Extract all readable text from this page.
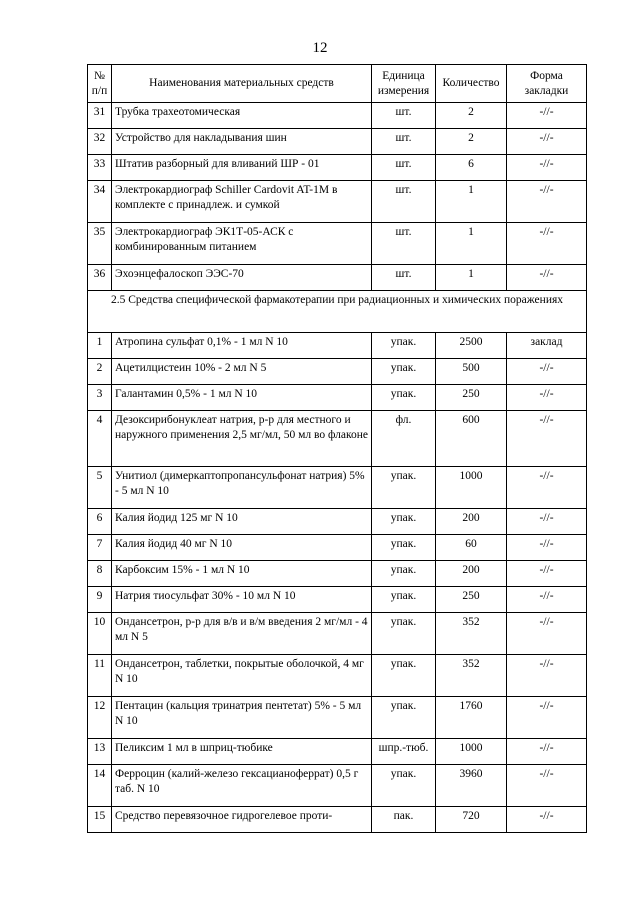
12
№ п/п	Наименования материальных средств	Единица измерения	Количество	Форма закладки
31	Трубка трахеотомическая	шт.	2	-//-
32	Устройство для накладывания шин	шт.	2	-//-
33	Штатив разборный для вливаний ШР - 01	шт.	6	-//-
34	Электрокардиограф Schiller Cardovit AT-1M в комплекте с принадлеж. и сумкой	шт.	1	-//-
35	Электрокардиограф ЭК1Т-05-АСК с комбинированным питанием	шт.	1	-//-
36	Эхоэнцефалоскоп ЭЭС-70	шт.	1	-//-
2.5 Средства специфической фармакотерапии при радиационных и химических поражениях				
1	Атропина сульфат 0,1% - 1 мл N 10	упак.	2500	заклад
2	Ацетилцистеин 10% - 2 мл N 5	упак.	500	-//-
3	Галантамин 0,5% - 1 мл N 10	упак.	250	-//-
4	Дезоксирибонуклеат натрия, р-р для местного и наружного применения 2,5 мг/мл, 50 мл во флаконе	фл.	600	-//-
5	Унитиол (димеркаптопропансульфонат натрия) 5% - 5 мл N 10	упак.	1000	-//-
6	Калия йодид 125 мг N 10	упак.	200	-//-
7	Калия йодид 40 мг N 10	упак.	60	-//-
8	Карбоксим 15% - 1 мл N 10	упак.	200	-//-
9	Натрия тиосульфат 30% - 10 мл N 10	упак.	250	-//-
10	Ондансетрон, р-р для в/в и в/м введения 2 мг/мл - 4 мл N 5	упак.	352	-//-
11	Ондансетрон, таблетки, покрытые оболочкой, 4 мг N 10	упак.	352	-//-
12	Пентацин (кальция тринатрия пентетат) 5% - 5 мл N 10	упак.	1760	-//-
13	Пеликсим 1 мл в шприц-тюбике	шпр.-тюб.	1000	-//-
14	Ферроцин (калий-железо гексацианоферрат) 0,5 г таб. N 10	упак.	3960	-//-
15	Средство перевязочное гидрогелевое проти-	пак.	720	-//-
